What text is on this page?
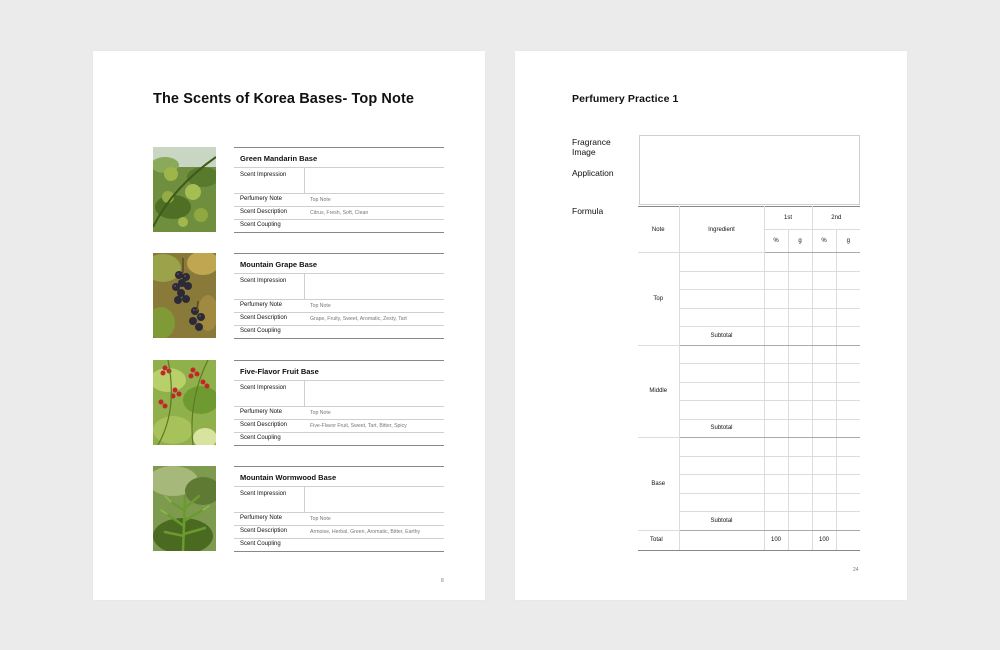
The Scents of Korea Bases- Top Note
Green Mandarin Base
Scent Impression
Perfumery Note	Top Note
Scent Description	Citrus, Fresh, Soft, Clean
Scent Coupling
Mountain Grape Base
Scent Impression
Perfumery Note	Top Note
Scent Description	Grape, Fruity, Sweet, Aromatic, Zesty, Tart
Scent Coupling
Five-Flavor Fruit Base
Scent Impression
Perfumery Note	Top Note
Scent Description	Five-Flavor Fruit, Sweet, Tart, Bitter, Spicy
Scent Coupling
Mountain Wormwood Base
Scent Impression
Perfumery Note	Top Note
Scent Description	Armoise, Herbal, Green, Aromatic, Bitter, Earthy
Scent Coupling
8
Perfumery Practice 1
Fragrance Image
Application
Formula
Note	Ingredient	1st		2nd	
		%	g	%	g
Top					

	Subtotal				
Middle					

	Subtotal				
Base					

	Subtotal				
Total		100		100	
24
